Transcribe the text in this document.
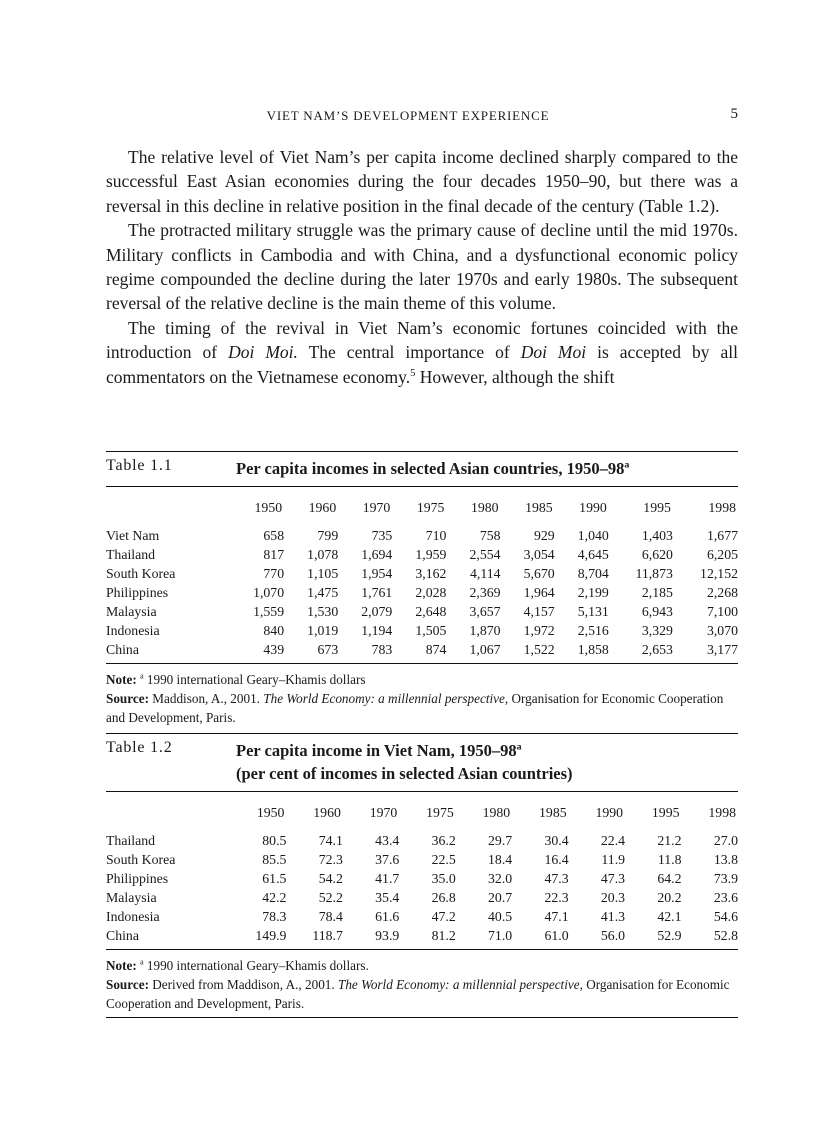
VIET NAM’S DEVELOPMENT EXPERIENCE	5

The relative level of Viet Nam’s per capita income declined sharply compared to the successful East Asian economies during the four decades 1950–90, but there was a reversal in this decline in relative position in the final decade of the century (Table 1.2).

The protracted military struggle was the primary cause of decline until the mid 1970s. Military conflicts in Cambodia and with China, and a dysfunctional economic policy regime compounded the decline during the later 1970s and early 1980s. The subsequent reversal of the relative decline is the main theme of this volume.

The timing of the revival in Viet Nam’s economic fortunes coincided with the introduction of Doi Moi. The central importance of Doi Moi is accepted by all commentators on the Vietnamese economy.$^5$ However, although the shift

Table 1.1	Per capita incomes in selected Asian countries, 1950–98$^a$
	1950	1960	1970	1975	1980	1985	1990	1995	1998

Viet Nam	658	799	735	710	758	929	1,040	1,403	1,677
Thailand	817	1,078	1,694	1,959	2,554	3,054	4,645	6,620	6,205
South Korea	770	1,105	1,954	3,162	4,114	5,670	8,704	11,873	12,152
Philippines	1,070	1,475	1,761	2,028	2,369	1,964	2,199	2,185	2,268
Malaysia	1,559	1,530	2,079	2,648	3,657	4,157	5,131	6,943	7,100
Indonesia	840	1,019	1,194	1,505	1,870	1,972	2,516	3,329	3,070
China	439	673	783	874	1,067	1,522	1,858	2,653	3,177
Note: $^a$ 1990 international Geary–Khamis dollars
Source: Maddison, A., 2001. The World Economy: a millennial perspective, Organisation for Economic Cooperation and Development, Paris.
Table 1.2	Per capita income in Viet Nam, 1950–98$^a$
(per cent of incomes in selected Asian countries)
	1950	1960	1970	1975	1980	1985	1990	1995	1998

Thailand	80.5	74.1	43.4	36.2	29.7	30.4	22.4	21.2	27.0
South Korea	85.5	72.3	37.6	22.5	18.4	16.4	11.9	11.8	13.8
Philippines	61.5	54.2	41.7	35.0	32.0	47.3	47.3	64.2	73.9
Malaysia	42.2	52.2	35.4	26.8	20.7	22.3	20.3	20.2	23.6
Indonesia	78.3	78.4	61.6	47.2	40.5	47.1	41.3	42.1	54.6
China	149.9	118.7	93.9	81.2	71.0	61.0	56.0	52.9	52.8
Note: $^a$ 1990 international Geary–Khamis dollars.
Source: Derived from Maddison, A., 2001. The World Economy: a millennial perspective, Organisation for Economic Cooperation and Development, Paris.
